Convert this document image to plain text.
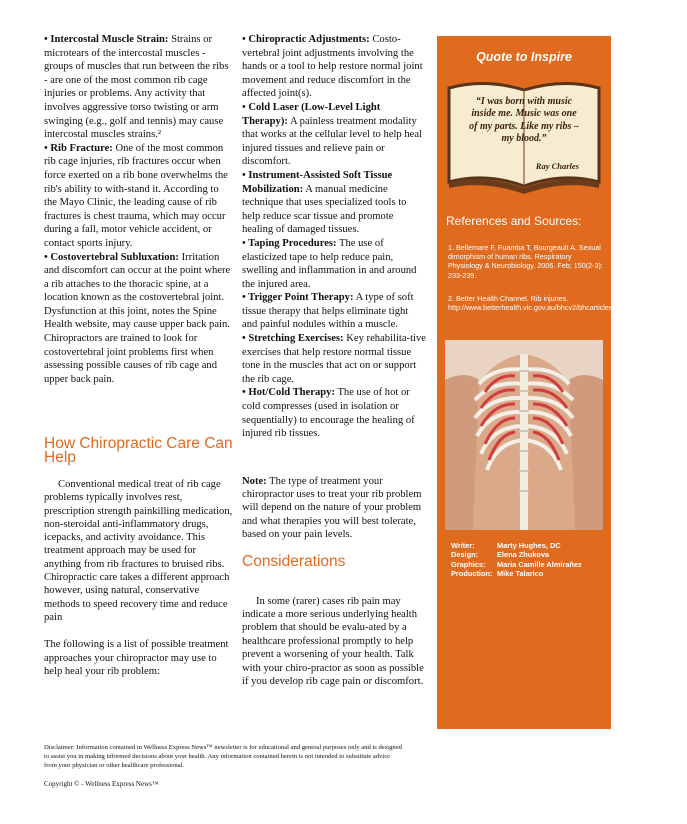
• Intercostal Muscle Strain: Strains or microtears of the intercostal muscles - groups of muscles that run between the ribs - are one of the most common rib cage injuries or problems. Any activity that involves aggressive torso twisting or arm swinging (e.g., golf and tennis) may cause intercostal muscles strains.²

• Rib Fracture: One of the most common rib cage injuries, rib fractures occur when force exerted on a rib bone overwhelms the rib's ability to with-stand it. According to the Mayo Clinic, the leading cause of rib fractures is chest trauma, which may occur during a fall, motor vehicle accident, or contact sports injury.

• Costovertebral Subluxation: Irritation and discomfort can occur at the point where a rib attaches to the thoracic spine, at a location known as the costovertebral joint. Dysfunction at this joint, notes the Spine Health website, may cause upper back pain. Chiropractors are trained to look for costovertebral joint problems first when assessing possible causes of rib cage and upper back pain.

How Chiropractic Care Can Help

Conventional medical treat of rib cage problems typically involves rest, prescription strength painkilling medication, non-steroidal anti-inflammatory drugs, icepacks, and activity avoidance. This treatment approach may be used for anything from rib fractures to bruised ribs. Chiropractic care takes a different approach however, using natural, conservative methods to speed recovery time and reduce pain

The following is a list of possible treatment approaches your chiropractor may use to help heal your rib problem:

• Chiropractic Adjustments: Costo-vertebral joint adjustments involving the hands or a tool to help restore normal joint movement and reduce discomfort in the affected joint(s).

• Cold Laser (Low-Level Light Therapy): A painless treatment modality that works at the cellular level to help heal injured tissues and relieve pain or discomfort.

• Instrument-Assisted Soft Tissue Mobilization: A manual medicine technique that uses specialized tools to help reduce scar tissue and promote healing of damaged tissues.

• Taping Procedures: The use of elasticized tape to help reduce pain, swelling and inflammation in and around the injured area.

• Trigger Point Therapy: A type of soft tissue therapy that helps eliminate tight and painful nodules within a muscle.

• Stretching Exercises: Key rehabilita-tive exercises that help restore normal tissue tone in the muscles that act on or support the rib cage.

• Hot/Cold Therapy: The use of hot or cold compresses (used in isolation or sequentially) to encourage the healing of injured rib tissues.

Note: The type of treatment your chiropractor uses to treat your rib problem will depend on the nature of your problem and what therapies you will best tolerate, based on your pain levels.

Considerations

In some (rarer) cases rib pain may indicate a more serious underlying health problem that should be evalu-ated by a healthcare professional promptly to help prevent a worsening of your health. Talk with your chiro-practor as soon as possible if you develop rib cage pain or discomfort.

Quote to Inspire
“I was born with music inside me. Music was one of my parts. Like my ribs – my blood.”
Ray Charles
References and Sources:
1. Bellemare F, Fuamba T, Bourgeault A. Sexual dimorphism of human ribs. Respiratory Physiology & Neurobiology. 2006. Feb; 150(2-3): 233-239.
2. Better Health Channel. Rib injuries. http://www.betterhealth.vic.gov.au/bhcv2/bhcarticles.nsf/pages/Rib_injuries.
Writer:	Marty Hughes, DC
Design:	Elena Zhukova
Graphics:	Maria Camille Almirañez
Production: Mike Talarico
Disclaimer: Information contained in Wellness Express News™ newsletter is for educational and general purposes only and is designed to assist you in making informed decisions about your health. Any information contained herein is not intended to substitute advice from your physician or other healthcare professional.
Copyright © - Wellness Express News™
